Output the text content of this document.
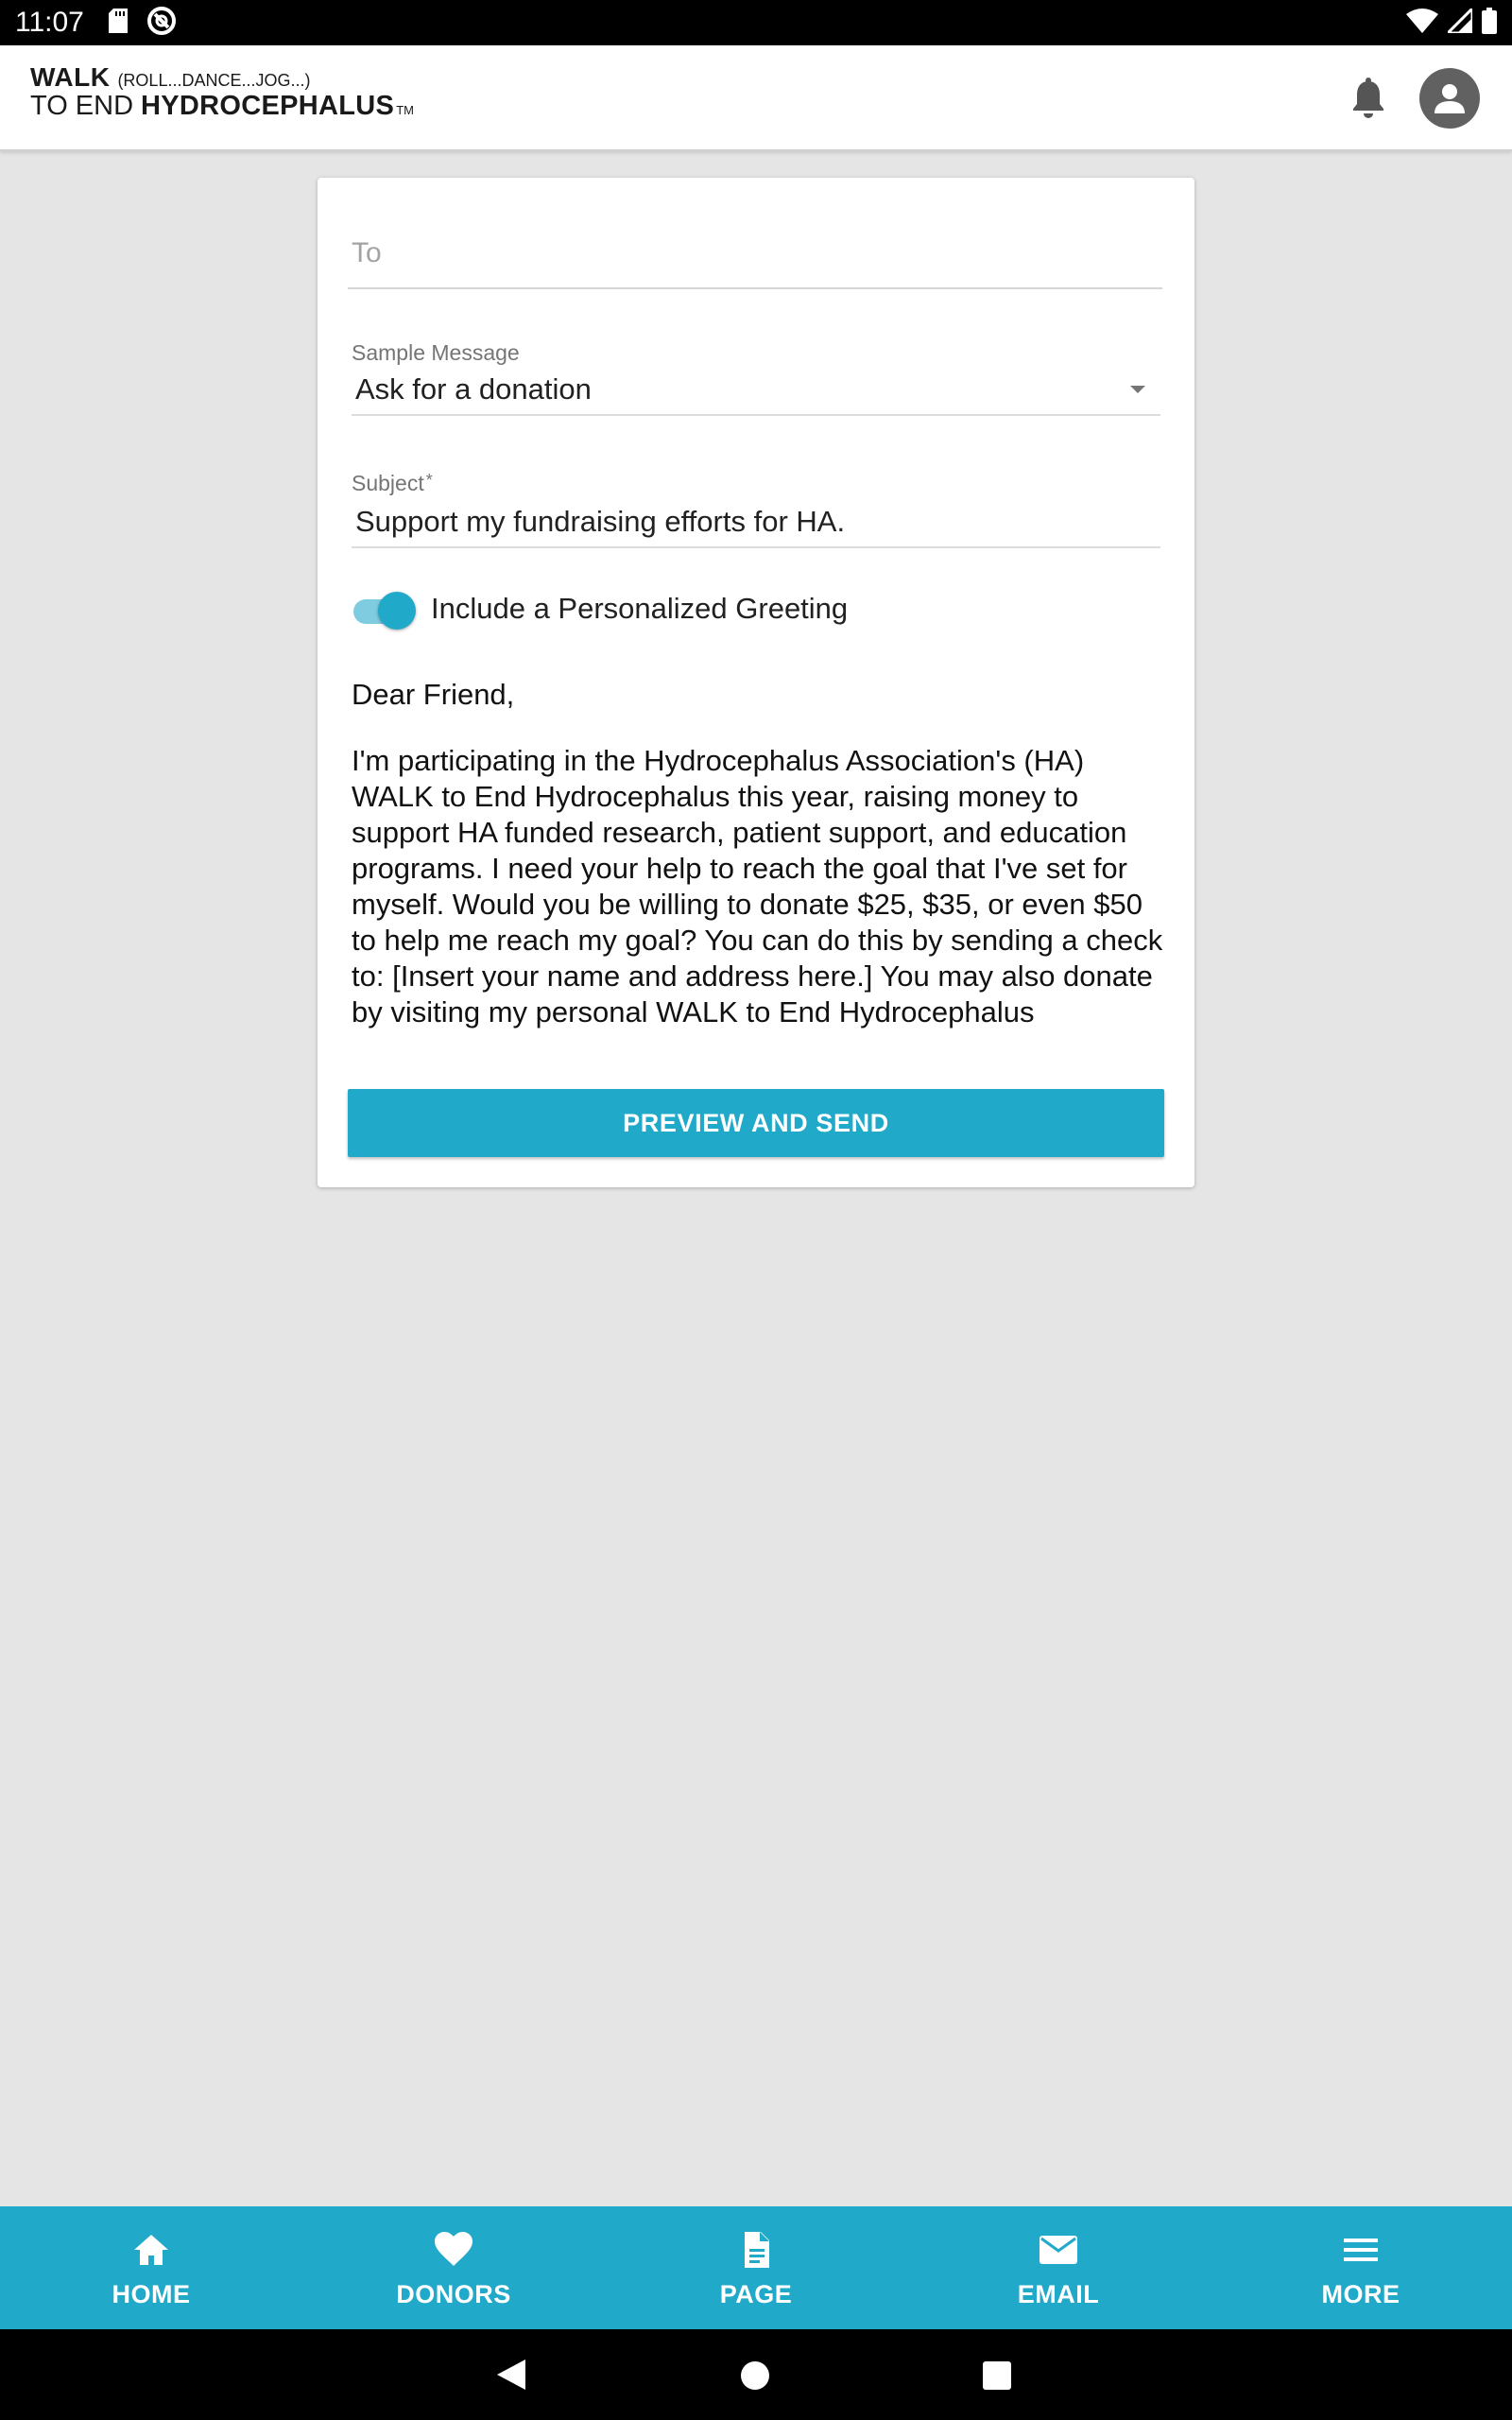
11:07
WALK (ROLL...DANCE...JOG...)
TO END HYDROCEPHALUS TM
To
Sample Message
Ask for a donation
Subject *
Support my fundraising efforts for HA.
Include a Personalized Greeting

Dear Friend,

I'm participating in the Hydrocephalus Association's (HA) WALK to End Hydrocephalus this year, raising money to support HA funded research, patient support, and education programs. I need your help to reach the goal that I've set for myself. Would you be willing to donate $25, $35, or even $50 to help me reach my goal? You can do this by sending a check to: [Insert your name and address here.] You may also donate by visiting my personal WALK to End Hydrocephalus

PREVIEW AND SEND
HOME	DONORS	PAGE	EMAIL	MORE
